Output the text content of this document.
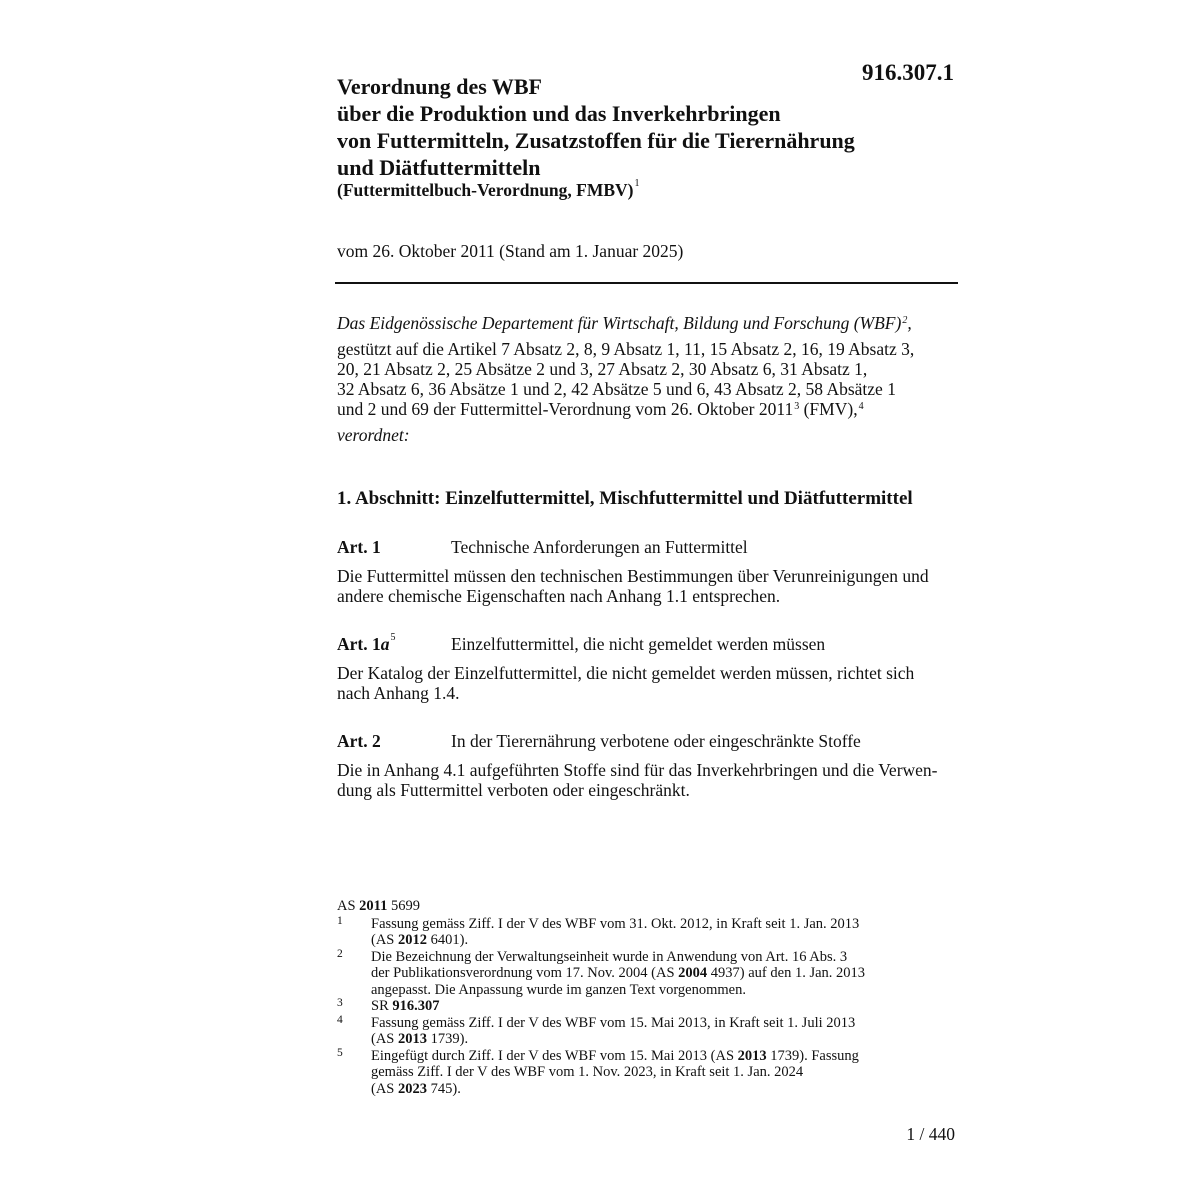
916.307.1
Verordnung des WBF
über die Produktion und das Inverkehrbringen
von Futtermitteln, Zusatzstoffen für die Tierernährung
und Diätfuttermitteln
(Futtermittelbuch-Verordnung, FMBV)$^1$
vom 26. Oktober 2011 (Stand am 1. Januar 2025)
Das Eidgenössische Departement für Wirtschaft, Bildung und Forschung (WBF)$^2$,
gestützt auf die Artikel 7 Absatz 2, 8, 9 Absatz 1, 11, 15 Absatz 2, 16, 19 Absatz 3,
20, 21 Absatz 2, 25 Absätze 2 und 3, 27 Absatz 2, 30 Absatz 6, 31 Absatz 1,
32 Absatz 6, 36 Absätze 1 und 2, 42 Absätze 5 und 6, 43 Absatz 2, 58 Absätze 1
und 2 und 69 der Futtermittel-Verordnung vom 26. Oktober 2011$^3$ (FMV),$^4$
verordnet:
1. Abschnitt: Einzelfuttermittel, Mischfuttermittel und Diätfuttermittel
Art. 1	Technische Anforderungen an Futtermittel
Die Futtermittel müssen den technischen Bestimmungen über Verunreinigungen und
andere chemische Eigenschaften nach Anhang 1.1 entsprechen.
Art. $1a^5$	Einzelfuttermittel, die nicht gemeldet werden müssen
Der Katalog der Einzelfuttermittel, die nicht gemeldet werden müssen, richtet sich
nach Anhang 1.4.
Art. 2	In der Tierernährung verbotene oder eingeschränkte Stoffe
Die in Anhang 4.1 aufgeführten Stoffe sind für das Inverkehrbringen und die Verwen-
dung als Futtermittel verboten oder eingeschränkt.
AS 2011 5699
1 Fassung gemäss Ziff. I der V des WBF vom 31. Okt. 2012, in Kraft seit 1. Jan. 2013
(AS 2012 6401).
2 Die Bezeichnung der Verwaltungseinheit wurde in Anwendung von Art. 16 Abs. 3
der Publikationsverordnung vom 17. Nov. 2004 (AS 2004 4937) auf den 1. Jan. 2013
angepasst. Die Anpassung wurde im ganzen Text vorgenommen.
3 SR 916.307
4 Fassung gemäss Ziff. I der V des WBF vom 15. Mai 2013, in Kraft seit 1. Juli 2013
(AS 2013 1739).
5 Eingefügt durch Ziff. I der V des WBF vom 15. Mai 2013 (AS 2013 1739). Fassung
gemäss Ziff. I der V des WBF vom 1. Nov. 2023, in Kraft seit 1. Jan. 2024
(AS 2023 745).
1 / 440
